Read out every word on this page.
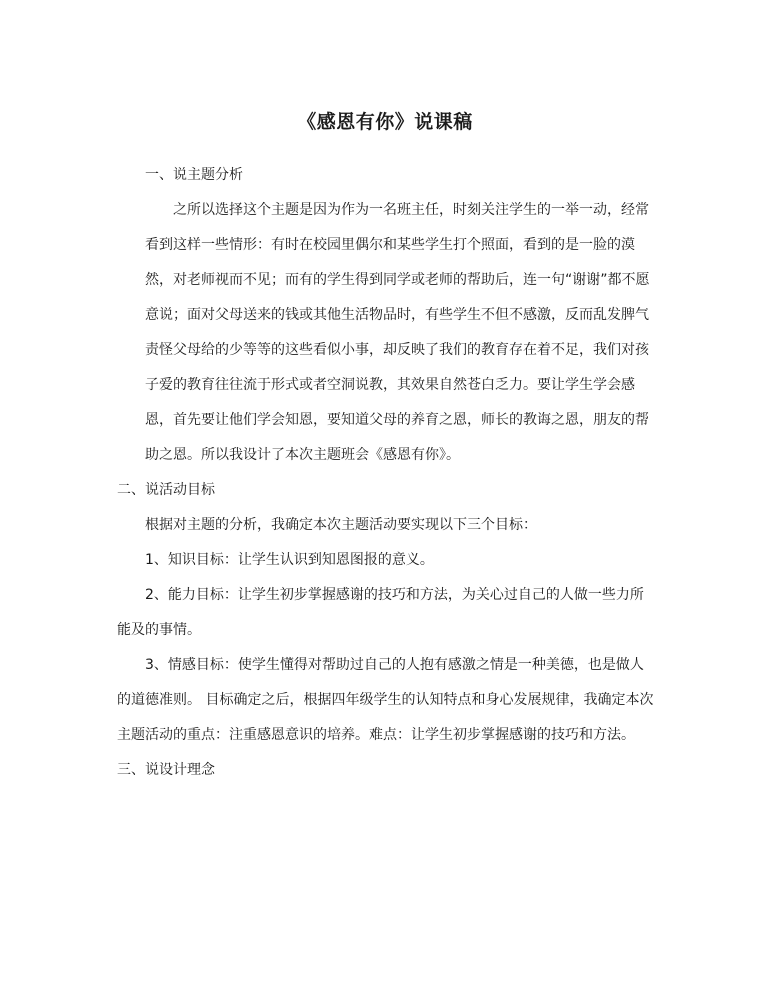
《感恩有你》说课稿

一、说主题分析

之所以选择这个主题是因为作为一名班主任，时刻关注学生的一举一动，经常看到这样一些情形：有时在校园里偶尔和某些学生打个照面，看到的是一脸的漠然，对老师视而不见；而有的学生得到同学或老师的帮助后，连一句“谢谢”都不愿意说；面对父母送来的钱或其他生活物品时，有些学生不但不感激，反而乱发脾气责怪父母给的少等等的这些看似小事，却反映了我们的教育存在着不足，我们对孩子爱的教育往往流于形式或者空洞说教，其效果自然苍白乏力。要让学生学会感恩，首先要让他们学会知恩，要知道父母的养育之恩，师长的教诲之恩，朋友的帮助之恩。所以我设计了本次主题班会《感恩有你》。

二、说活动目标

根据对主题的分析，我确定本次主题活动要实现以下三个目标：

1、知识目标：让学生认识到知恩图报的意义。

2、能力目标：让学生初步掌握感谢的技巧和方法，为关心过自己的人做一些力所能及的事情。

3、情感目标：使学生懂得对帮助过自己的人抱有感激之情是一种美德，也是做人的道德准则。 目标确定之后，根据四年级学生的认知特点和身心发展规律，我确定本次主题活动的重点：注重感恩意识的培养。难点：让学生初步掌握感谢的技巧和方法。

三、说设计理念
